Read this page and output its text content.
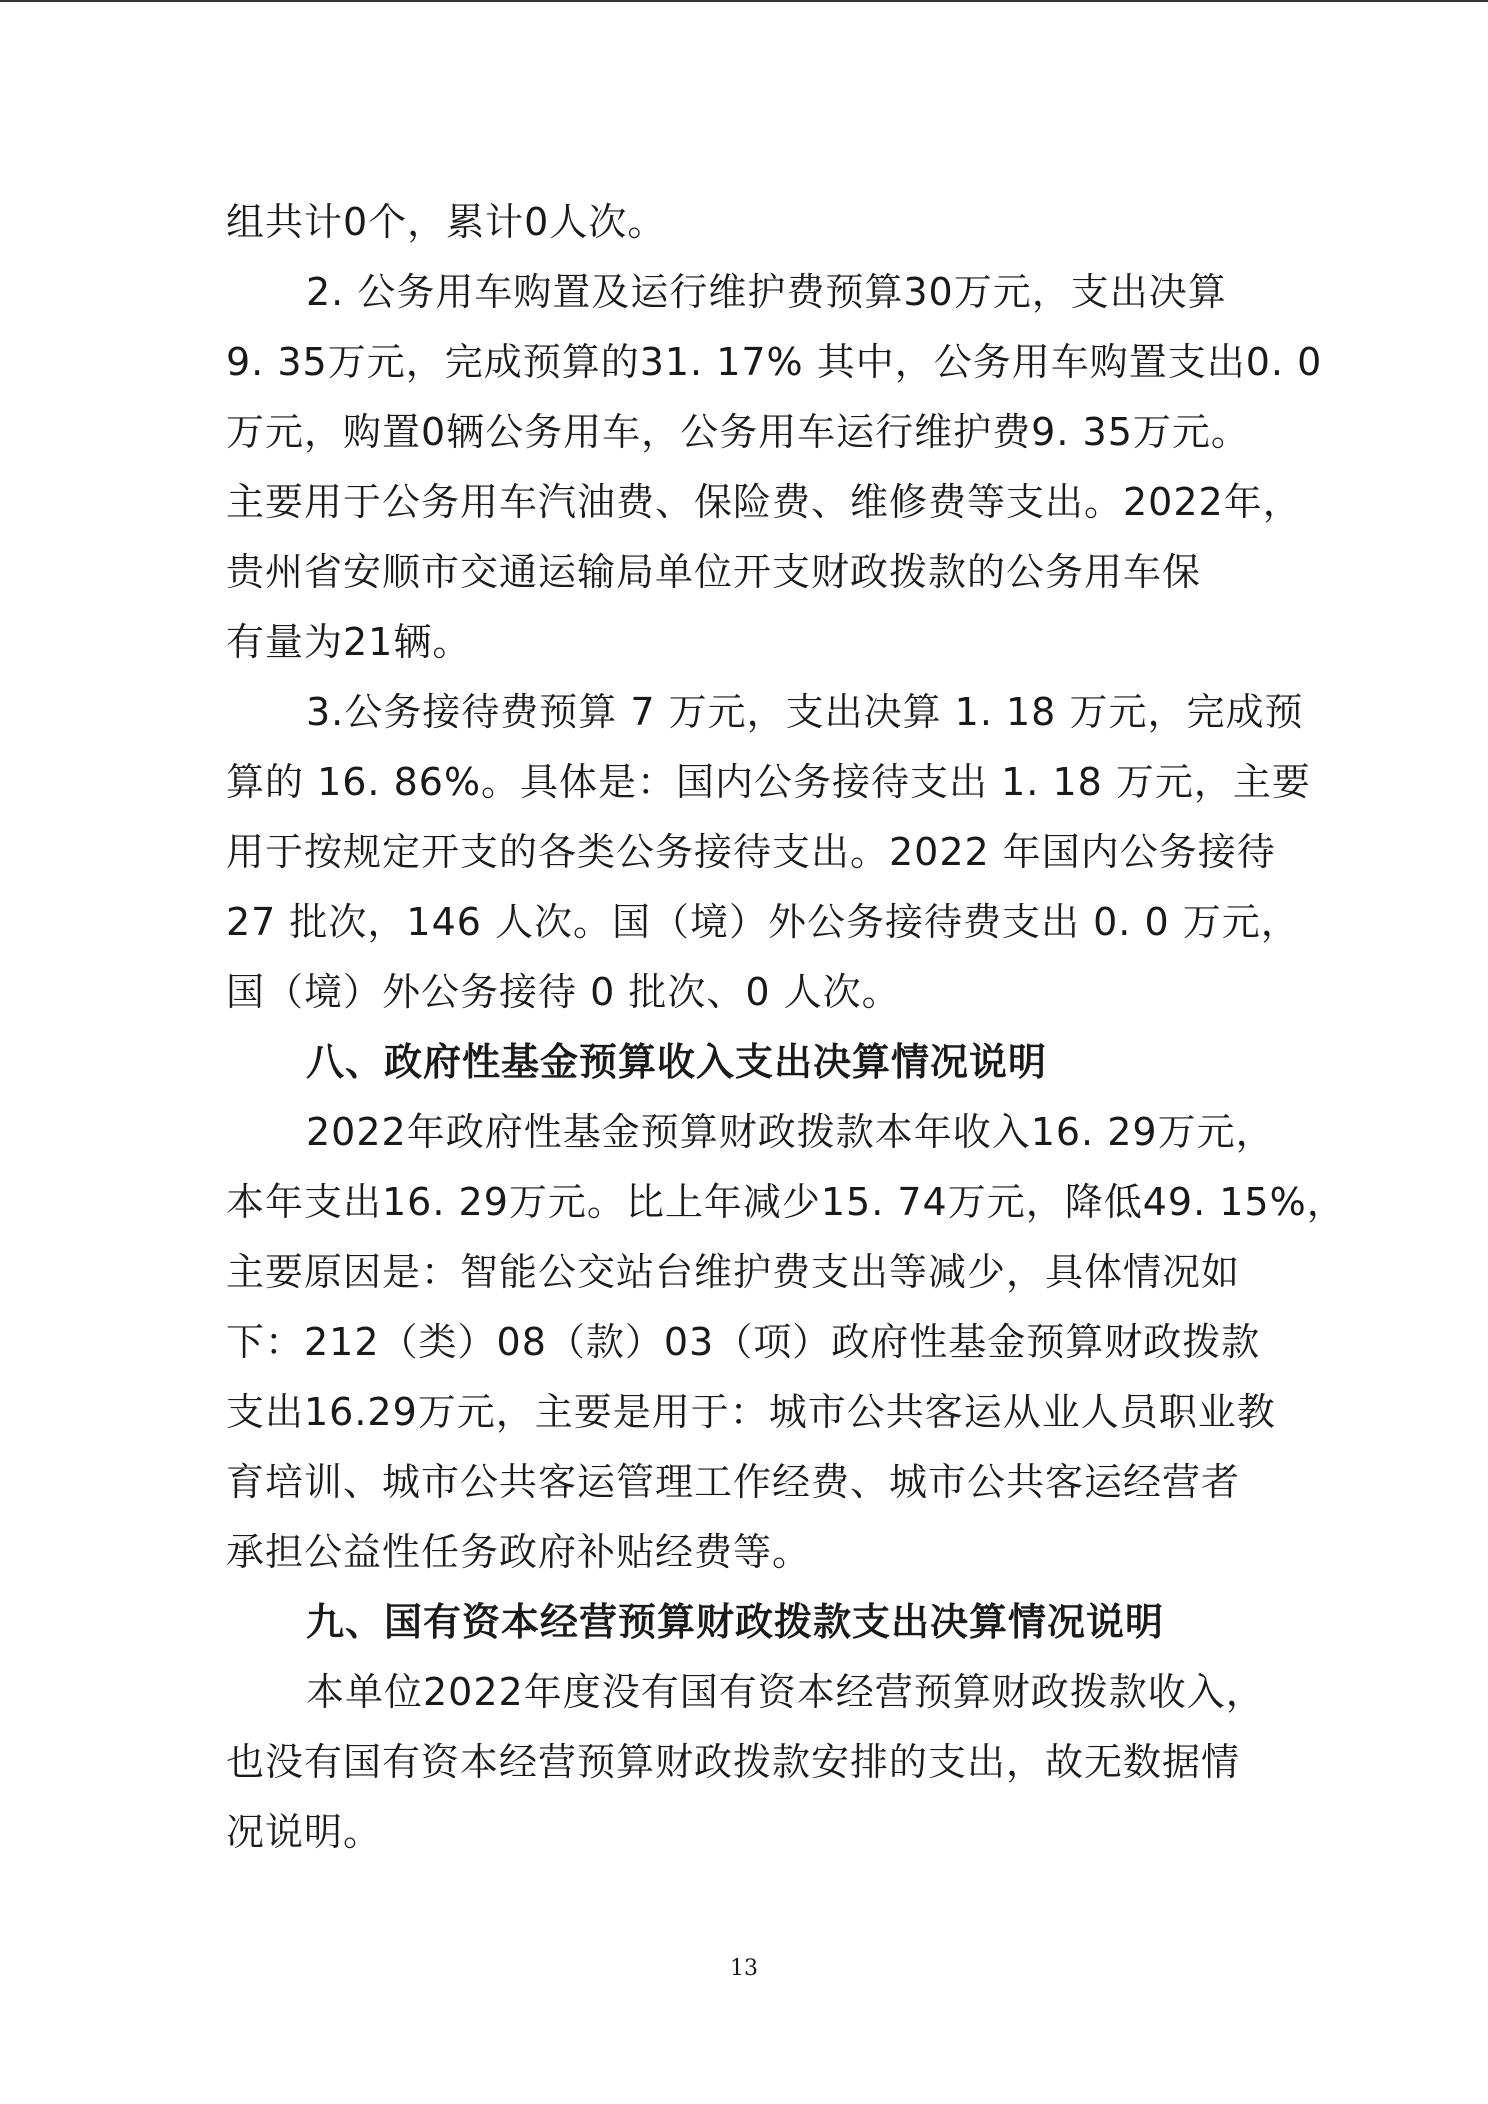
组共计0个，累计0人次。
2. 公务用车购置及运行维护费预算30万元，支出决算
9. 35万元，完成预算的31. 17% 其中，公务用车购置支出0. 0
万元，购置0辆公务用车，公务用车运行维护费9. 35万元。
主要用于公务用车汽油费、保险费、维修费等支出。2022年，
贵州省安顺市交通运输局单位开支财政拨款的公务用车保
有量为21辆。
3.公务接待费预算 7 万元，支出决算 1. 18 万元，完成预
算的 16. 86%。具体是：国内公务接待支出 1. 18 万元，主要
用于按规定开支的各类公务接待支出。2022 年国内公务接待
27 批次，146 人次。国（境）外公务接待费支出 0. 0 万元，
国（境）外公务接待 0 批次、0 人次。
八、政府性基金预算收入支出决算情况说明
2022年政府性基金预算财政拨款本年收入16. 29万元，
本年支出16. 29万元。比上年减少15. 74万元，降低49. 15%，
主要原因是：智能公交站台维护费支出等减少，具体情况如
下：212（类）08（款）03（项）政府性基金预算财政拨款
支出16.29万元，主要是用于：城市公共客运从业人员职业教
育培训、城市公共客运管理工作经费、城市公共客运经营者
承担公益性任务政府补贴经费等。
九、国有资本经营预算财政拨款支出决算情况说明
本单位2022年度没有国有资本经营预算财政拨款收入，
也没有国有资本经营预算财政拨款安排的支出，故无数据情
况说明。
13
